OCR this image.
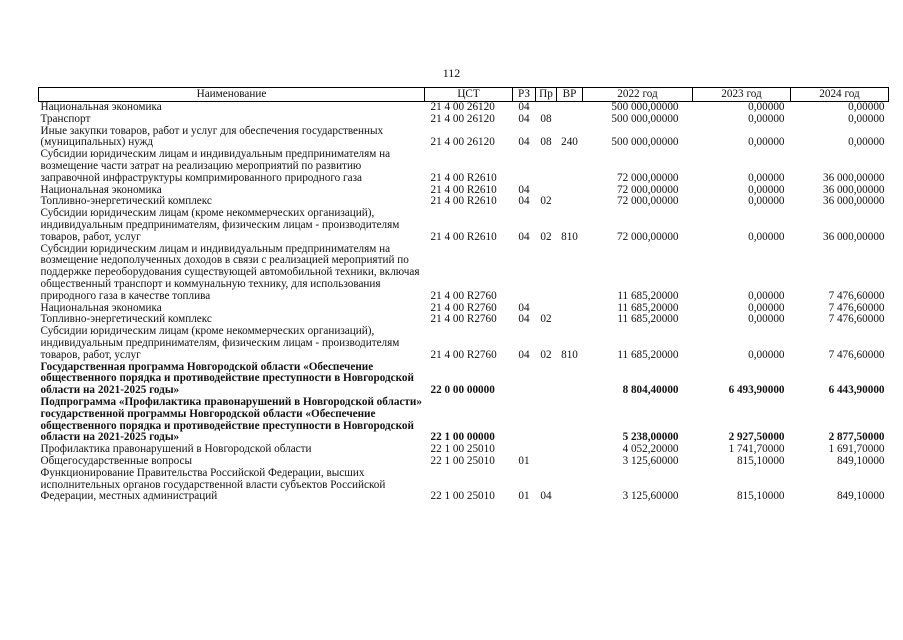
112
Наименование	ЦСТ	РЗ	Пр	ВР	2022 год	2023 год	2024 год
Национальная экономика	21 4 00 26120	04			500 000,00000	0,00000	0,00000
Транспорт	21 4 00 26120	04	08		500 000,00000	0,00000	0,00000
Иные закупки товаров, работ и услуг для обеспечения государственных (муниципальных) нужд	21 4 00 26120	04	08	240	500 000,00000	0,00000	0,00000
Субсидии юридическим лицам и индивидуальным предпринимателям на возмещение части затрат на реализацию мероприятий по развитию заправочной инфраструктуры компримированного природного газа	21 4 00 R2610				72 000,00000	0,00000	36 000,00000
Национальная экономика	21 4 00 R2610	04			72 000,00000	0,00000	36 000,00000
Топливно-энергетический комплекс	21 4 00 R2610	04	02		72 000,00000	0,00000	36 000,00000
Субсидии юридическим лицам (кроме некоммерческих организаций), индивидуальным предпринимателям, физическим лицам - производителям товаров, работ, услуг	21 4 00 R2610	04	02	810	72 000,00000	0,00000	36 000,00000
Субсидии юридическим лицам и индивидуальным предпринимателям на возмещение недополученных доходов в связи с реализацией мероприятий по поддержке переоборудования существующей автомобильной техники, включая общественный транспорт и коммунальную технику, для использования природного газа в качестве топлива	21 4 00 R2760				11 685,20000	0,00000	7 476,60000
Национальная экономика	21 4 00 R2760	04			11 685,20000	0,00000	7 476,60000
Топливно-энергетический комплекс	21 4 00 R2760	04	02		11 685,20000	0,00000	7 476,60000
Субсидии юридическим лицам (кроме некоммерческих организаций), индивидуальным предпринимателям, физическим лицам - производителям товаров, работ, услуг	21 4 00 R2760	04	02	810	11 685,20000	0,00000	7 476,60000
Государственная программа Новгородской области «Обеспечение общественного порядка и противодействие преступности в Новгородской области на 2021-2025 годы»	22 0 00 00000				8 804,40000	6 493,90000	6 443,90000
Подпрограмма «Профилактика правонарушений в Новгородской области» государственной программы Новгородской области «Обеспечение общественного порядка и противодействие преступности в Новгородской области на 2021-2025 годы»	22 1 00 00000				5 238,00000	2 927,50000	2 877,50000
Профилактика правонарушений в Новгородской области	22 1 00 25010				4 052,20000	1 741,70000	1 691,70000
Общегосударственные вопросы	22 1 00 25010	01			3 125,60000	815,10000	849,10000
Функционирование Правительства Российской Федерации, высших исполнительных органов государственной власти субъектов Российской Федерации, местных администраций	22 1 00 25010	01	04		3 125,60000	815,10000	849,10000
